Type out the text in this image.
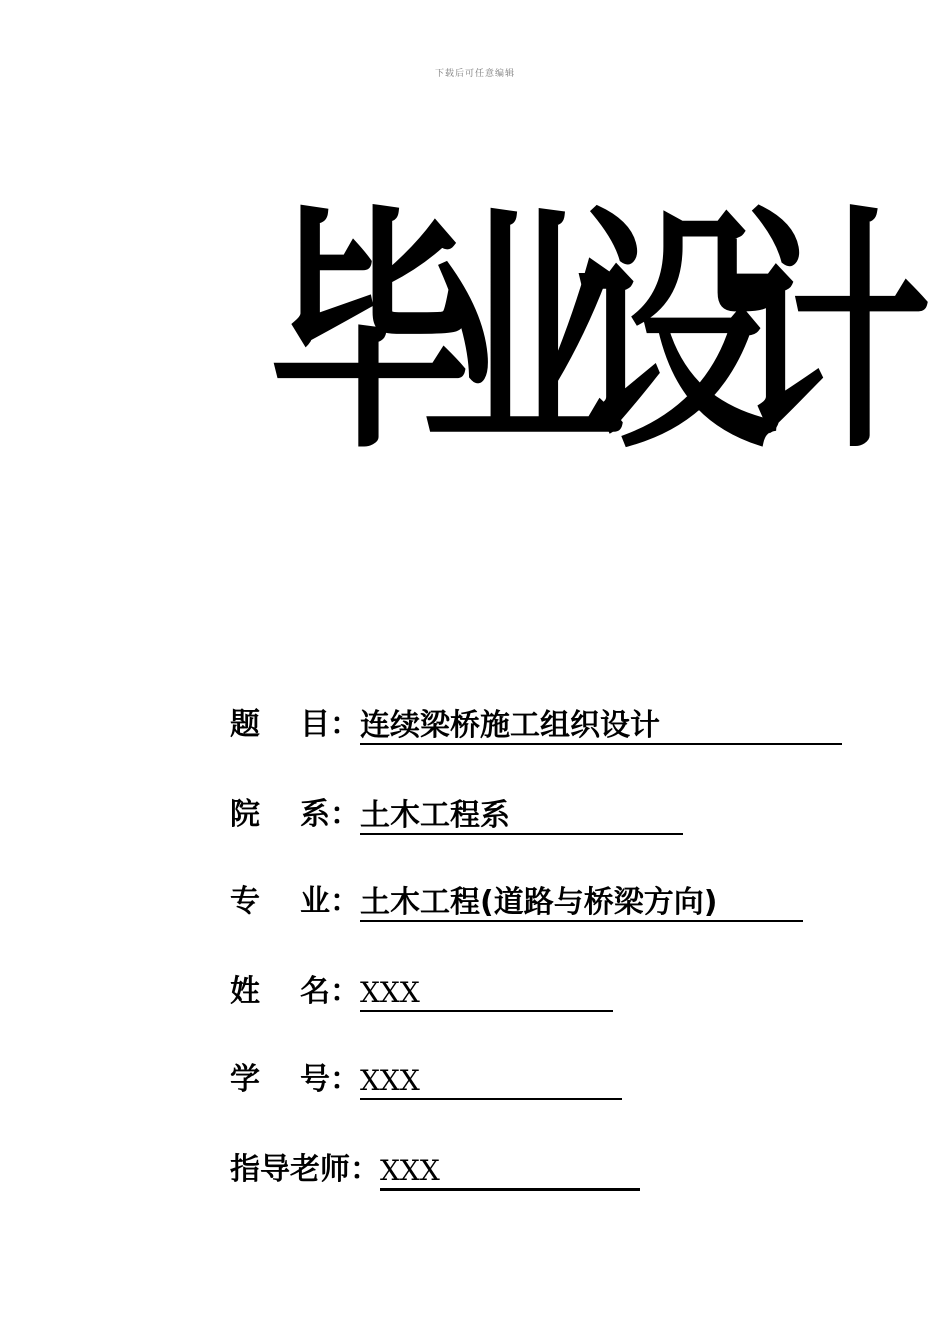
下载后可任意编辑
毕业设计
题 目：连续梁桥施工组织设计
院 系：土木工程系
专 业：土木工程(道路与桥梁方向)
姓 名：XXX
学 号：XXX
指导老师：XXX
